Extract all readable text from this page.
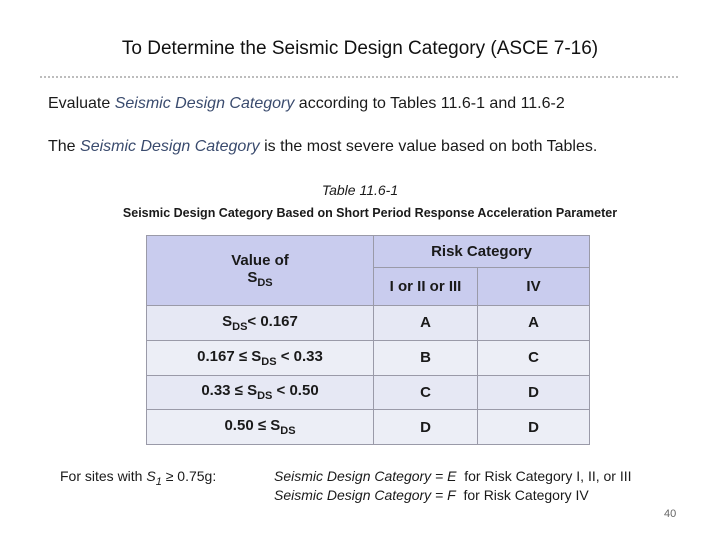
To Determine the Seismic Design Category (ASCE 7-16)
Evaluate Seismic Design Category according to Tables 11.6-1 and 11.6-2
The Seismic Design Category is the most severe value based on both Tables.
Table 11.6-1
Seismic Design Category Based on Short Period Response Acceleration Parameter
Value of
$S_{DS}$	Risk Category	
	I or II or III	IV
$S_{DS}< 0.167$	A	A
$0.167 \le S_{DS} < 0.33$	B	C
$0.33 \le S_{DS} < 0.50$	C	D
$0.50 \le S_{DS}$	D	D
For sites with $S_1 \ge 0.75g$:	Seismic Design Category = E  for Risk Category I, II, or III
Seismic Design Category = F  for Risk Category IV
40
